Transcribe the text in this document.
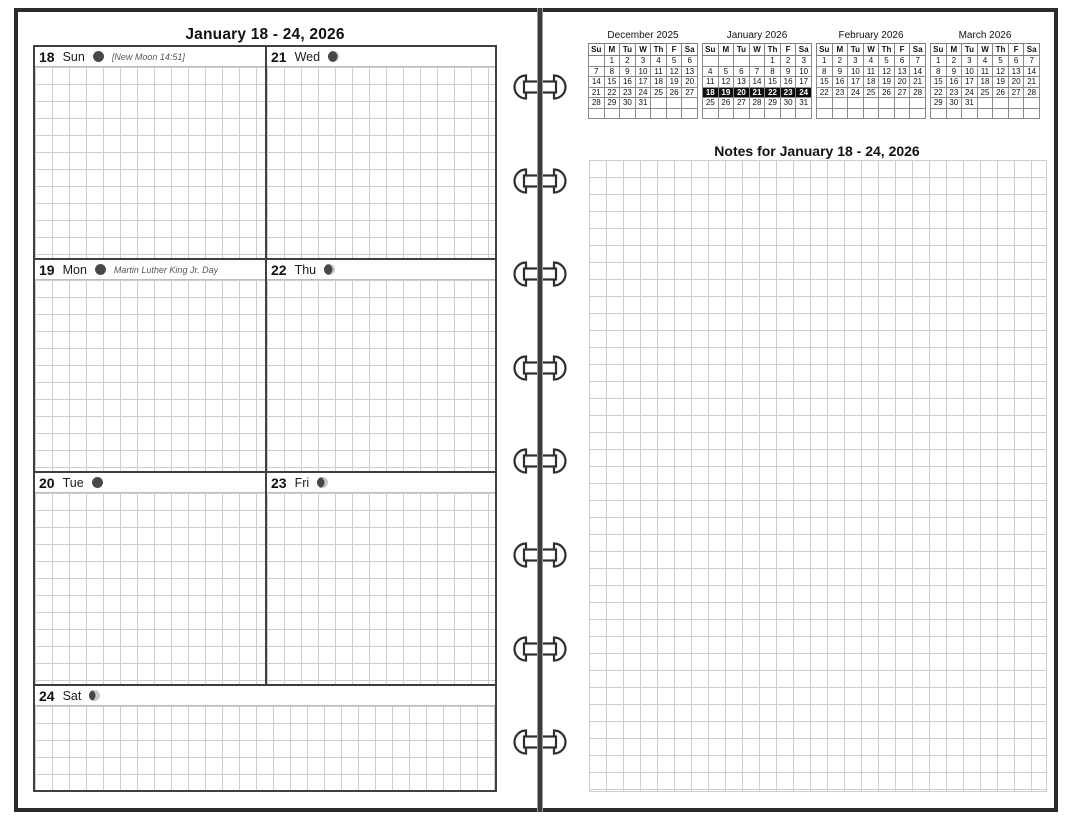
January 18 - 24, 2026
18 Sun	[New Moon 14:51]	21 Wed
19 Mon	Martin Luther King Jr. Day	22 Thu
20 Tue	23 Fri
24 Sat
December 2025
Su	M	Tu	W	Th	F	Sa
	1	2	3	4	5	6
7	8	9	10	11	12	13
14	15	16	17	18	19	20
21	22	23	24	25	26	27
28	29	30	31			

January 2026
Su	M	Tu	W	Th	F	Sa
				1	2	3
4	5	6	7	8	9	10
11	12	13	14	15	16	17
18	19	20	21	22	23	24
25	26	27	28	29	30	31

February 2026
Su	M	Tu	W	Th	F	Sa
1	2	3	4	5	6	7
8	9	10	11	12	13	14
15	16	17	18	19	20	21
22	23	24	25	26	27	28

March 2026
Su	M	Tu	W	Th	F	Sa
1	2	3	4	5	6	7
8	9	10	11	12	13	14
15	16	17	18	19	20	21
22	23	24	25	26	27	28
29	30	31				

Notes for January 18 - 24, 2026
